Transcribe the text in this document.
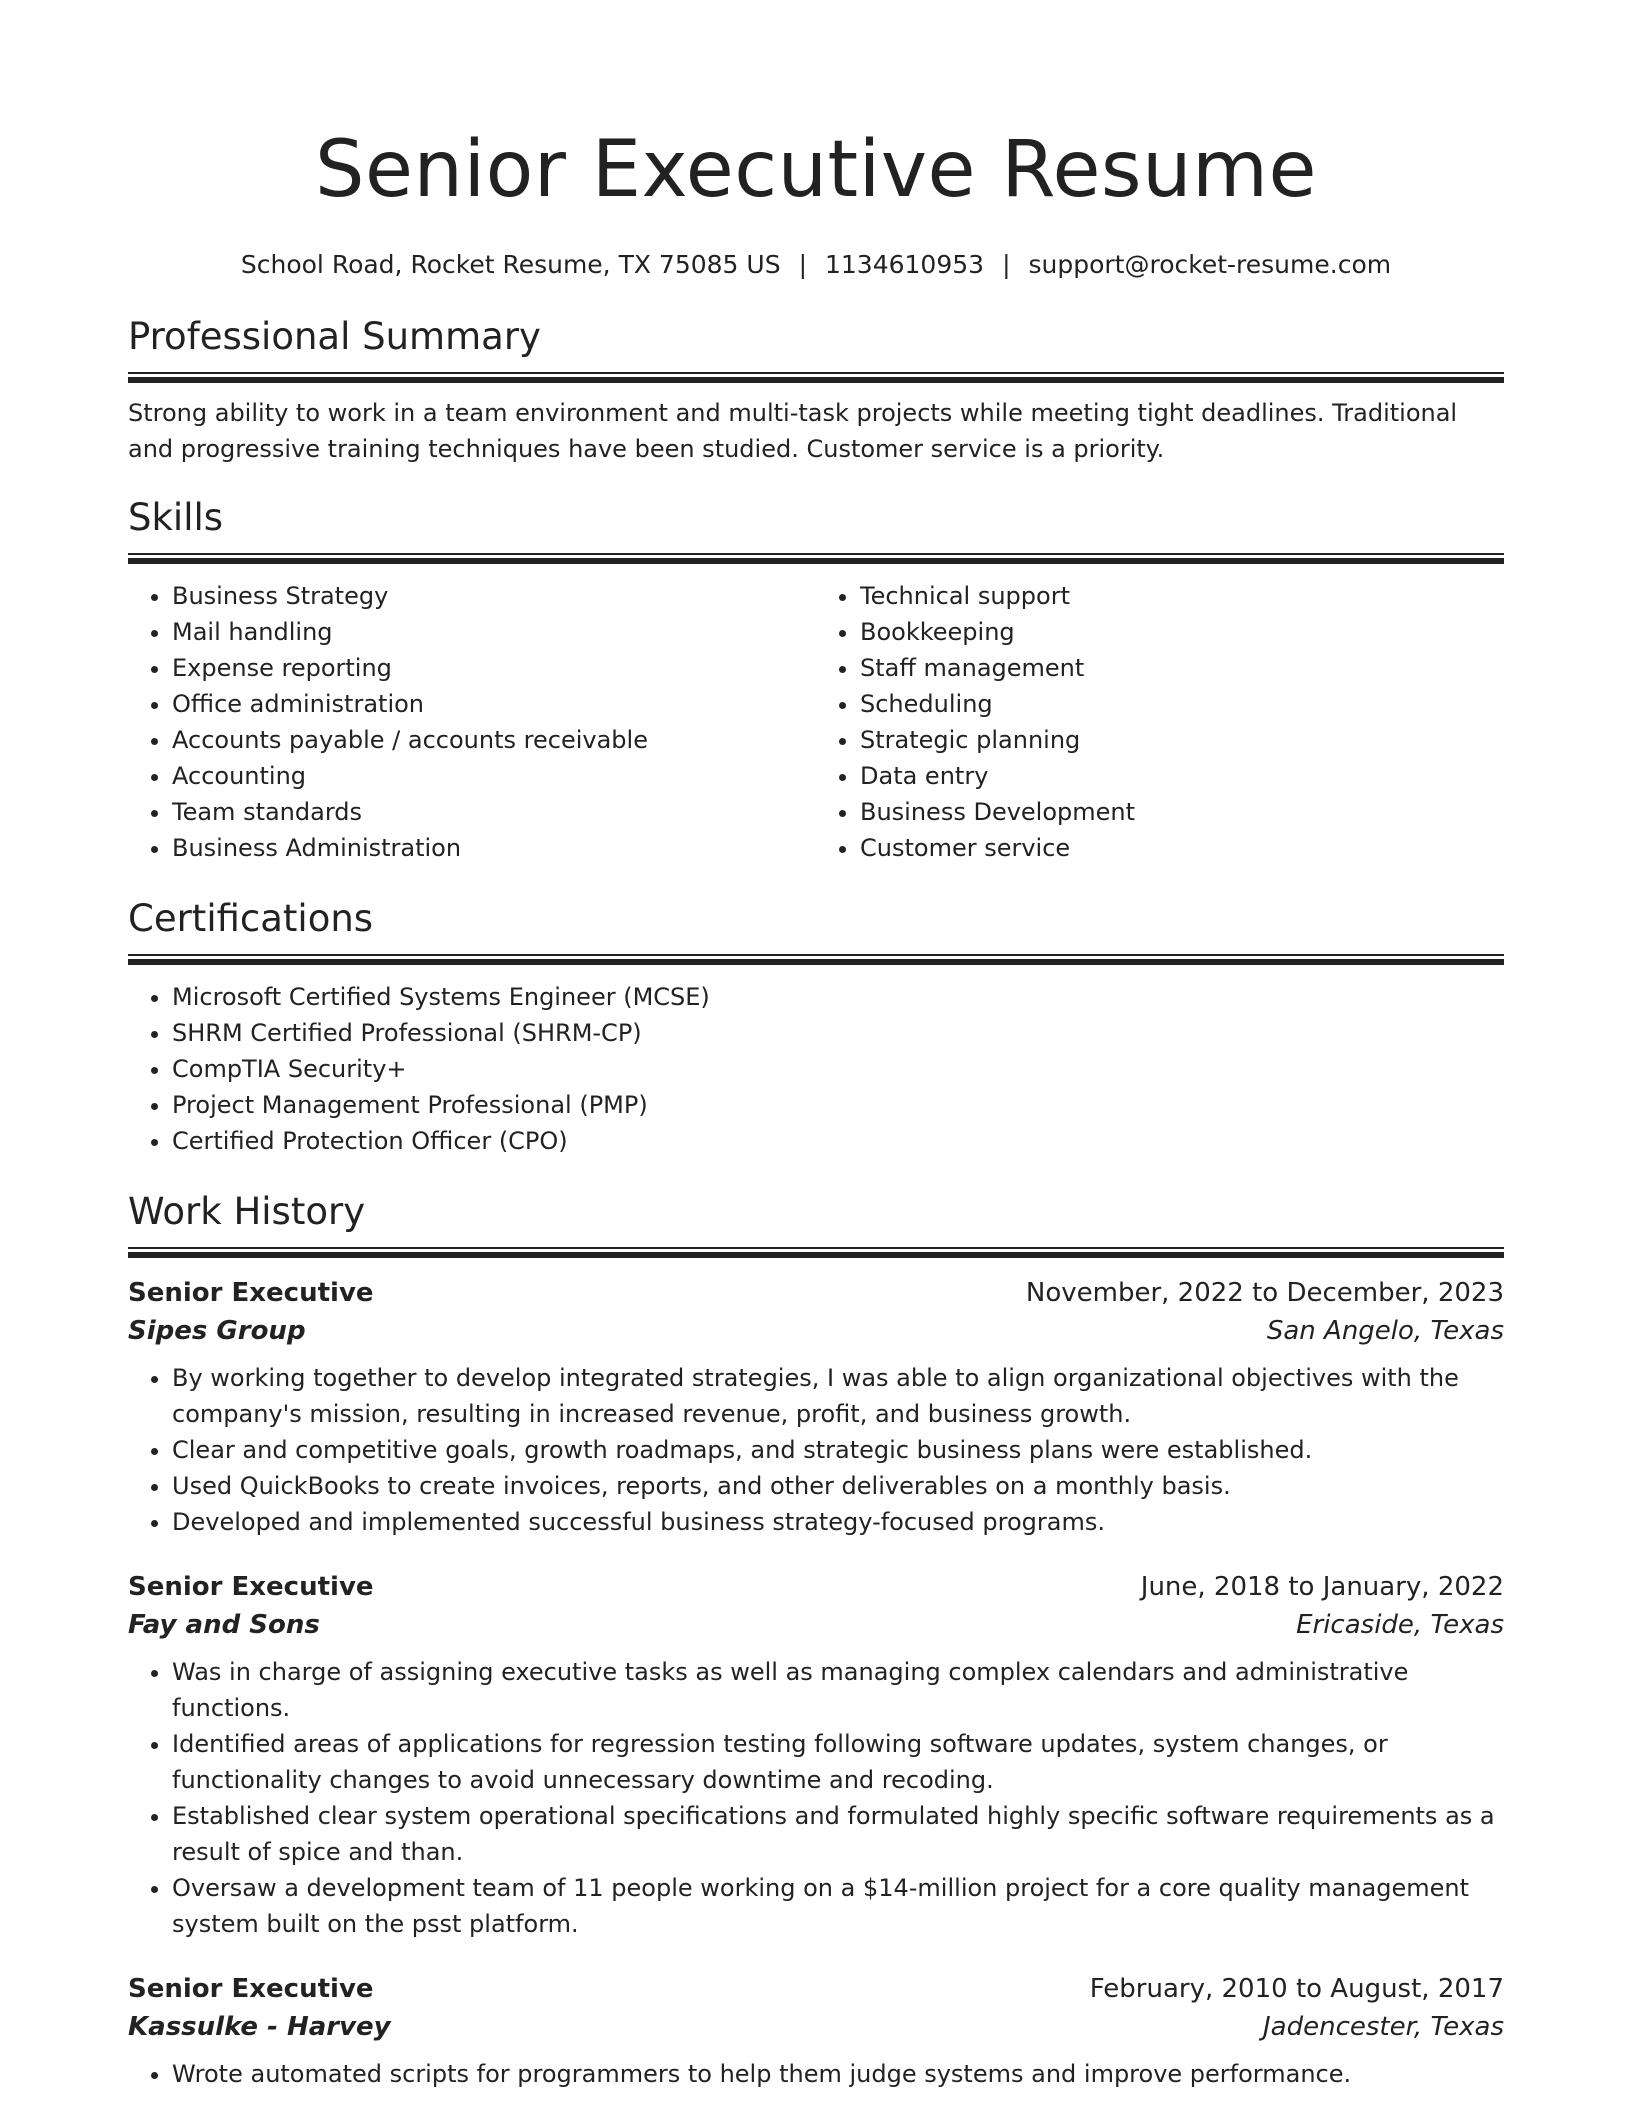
Senior Executive Resume
School Road, Rocket Resume, TX 75085 US | 1134610953 | support@rocket-resume.com
Professional Summary

Strong ability to work in a team environment and multi-task projects while meeting tight deadlines. Traditional and progressive training techniques have been studied. Customer service is a priority.

Skills
• Business Strategy
• Mail handling
• Expense reporting
• Office administration
• Accounts payable / accounts receivable
• Accounting
• Team standards
• Business Administration
• Technical support
• Bookkeeping
• Staff management
• Scheduling
• Strategic planning
• Data entry
• Business Development
• Customer service
Certifications
• Microsoft Certified Systems Engineer (MCSE)
• SHRM Certified Professional (SHRM-CP)
• CompTIA Security+
• Project Management Professional (PMP)
• Certified Protection Officer (CPO)
Work History
Senior Executive	November, 2022 to December, 2023
Sipes Group	San Angelo, Texas
• By working together to develop integrated strategies, I was able to align organizational objectives with the company's mission, resulting in increased revenue, profit, and business growth.
• Clear and competitive goals, growth roadmaps, and strategic business plans were established.
• Used QuickBooks to create invoices, reports, and other deliverables on a monthly basis.
• Developed and implemented successful business strategy-focused programs.
Senior Executive	June, 2018 to January, 2022
Fay and Sons	Ericaside, Texas
• Was in charge of assigning executive tasks as well as managing complex calendars and administrative functions.
• Identified areas of applications for regression testing following software updates, system changes, or functionality changes to avoid unnecessary downtime and recoding.
• Established clear system operational specifications and formulated highly specific software requirements as a result of spice and than.
• Oversaw a development team of 11 people working on a $14-million project for a core quality management system built on the psst platform.
Senior Executive	February, 2010 to August, 2017
Kassulke - Harvey	Jadencester, Texas
• Wrote automated scripts for programmers to help them judge systems and improve performance.
